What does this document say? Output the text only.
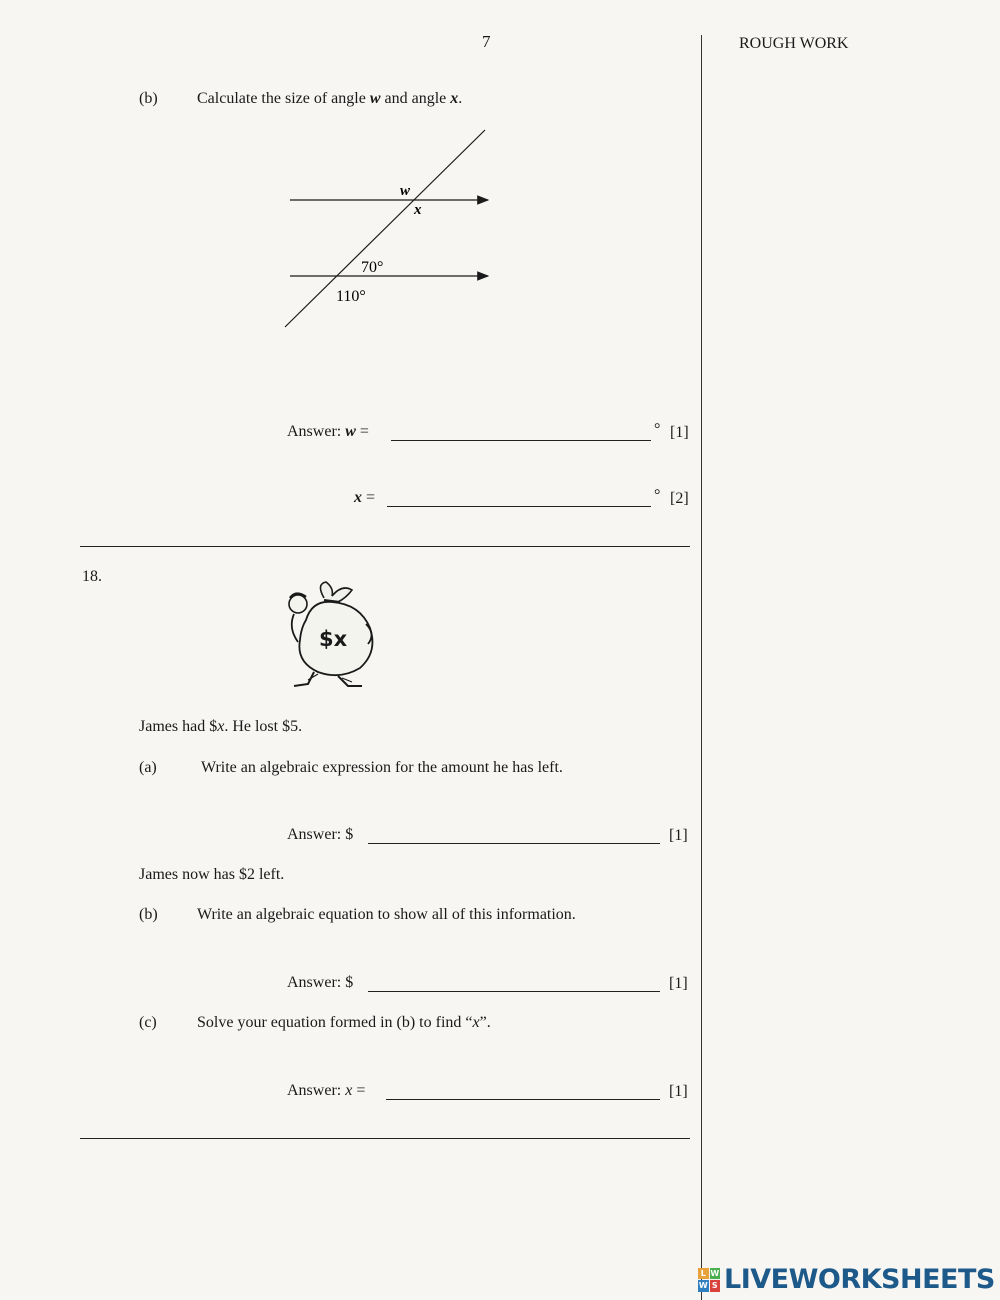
7	ROUGH WORK
(b) Calculate the size of angle w and angle x.
w
x
70°
110°
Answer: w =	° [1]
x =	° [2]
18.
$x
James had $x. He lost $5.
(a)	Write an algebraic expression for the amount he has left.
Answer: $	[1]
James now has $2 left.
(b) Write an algebraic equation to show all of this information.
Answer: $	[1]
(c)	Solve your equation formed in (b) to find “x”.
Answer: x =	[1]
L W
W S LIVEWORKSHEETS
